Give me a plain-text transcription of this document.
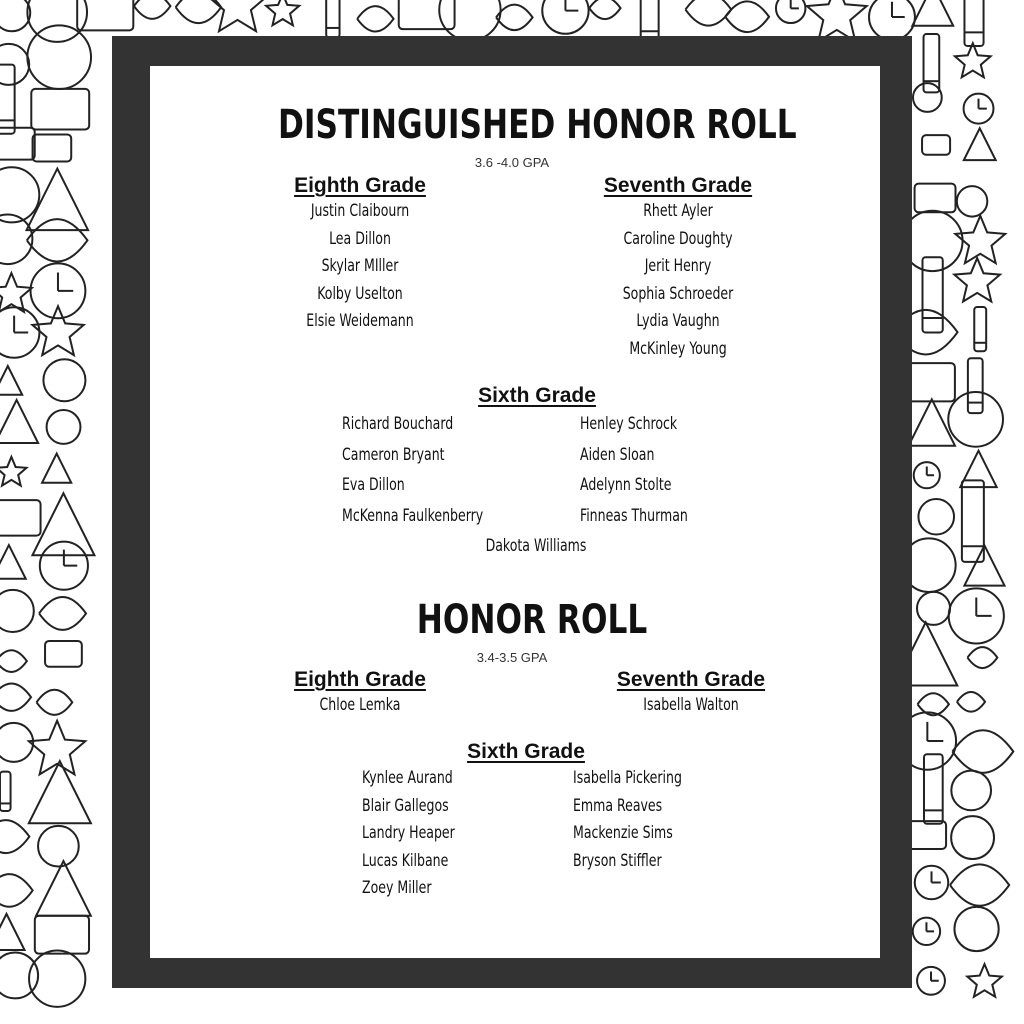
DISTINGUISHED HONOR ROLL
3.6 -4.0 GPA
Eighth Grade
Justin Claibourn
Lea Dillon
Skylar MIller
Kolby Uselton
Elsie Weidemann
Seventh Grade
Rhett Ayler
Caroline Doughty
Jerit Henry
Sophia Schroeder
Lydia Vaughn
McKinley Young
Sixth Grade
Richard Bouchard
Cameron Bryant
Eva Dillon
McKenna Faulkenberry
Henley Schrock
Aiden Sloan
Adelynn Stolte
Finneas Thurman
Dakota Williams
HONOR ROLL
3.4-3.5 GPA
Eighth Grade
Chloe Lemka
Seventh Grade
Isabella Walton
Sixth Grade
Kynlee Aurand
Blair Gallegos
Landry Heaper
Lucas Kilbane
Zoey Miller
Isabella Pickering
Emma Reaves
Mackenzie Sims
Bryson Stiffler
